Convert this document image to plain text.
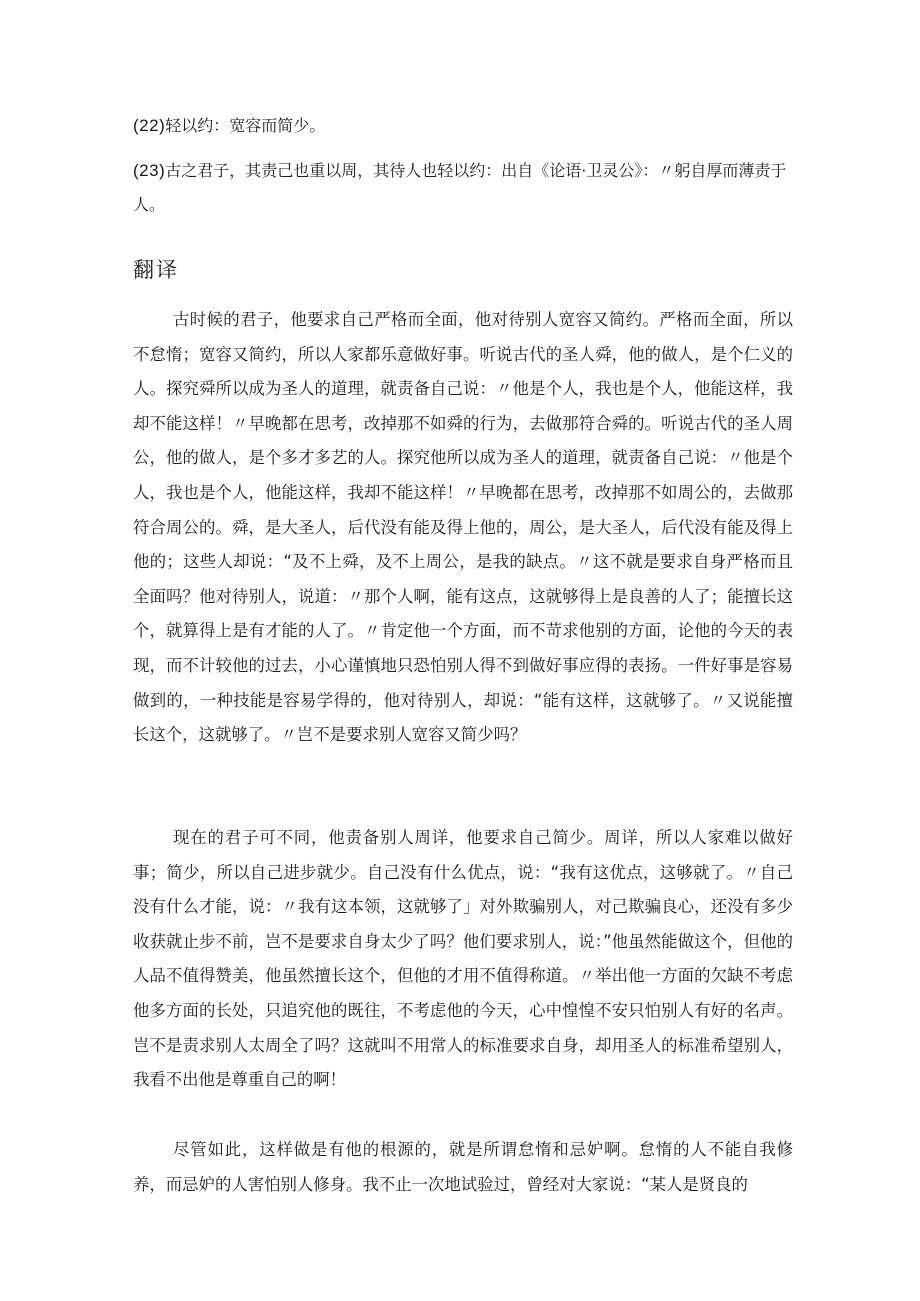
(22)轻以约：宽容而简少。

(23)古之君子，其责己也重以周，其待人也轻以约：出自《论语·卫灵公》：〃躬自厚而薄责于人。

翻译

古时候的君子，他要求自己严格而全面，他对待别人宽容又简约。严格而全面，所以不怠惰；宽容又简约，所以人家都乐意做好事。听说古代的圣人舜，他的做人，是个仁义的人。探究舜所以成为圣人的道理，就责备自己说：〃他是个人，我也是个人，他能这样，我却不能这样！〃早晚都在思考，改掉那不如舜的行为，去做那符合舜的。听说古代的圣人周公，他的做人，是个多才多艺的人。探究他所以成为圣人的道理，就责备自己说：〃他是个人，我也是个人，他能这样，我却不能这样！〃早晚都在思考，改掉那不如周公的，去做那符合周公的。舜，是大圣人，后代没有能及得上他的，周公，是大圣人，后代没有能及得上他的；这些人却说：“及不上舜，及不上周公，是我的缺点。〃这不就是要求自身严格而且全面吗？他对待别人，说道：〃那个人啊，能有这点，这就够得上是良善的人了；能擅长这个，就算得上是有才能的人了。〃肯定他一个方面，而不苛求他别的方面，论他的今天的表现，而不计较他的过去，小心谨慎地只恐怕别人得不到做好事应得的表扬。一件好事是容易做到的，一种技能是容易学得的，他对待别人，却说：“能有这样，这就够了。〃又说能擅长这个，这就够了。〃岂不是要求别人宽容又简少吗？

现在的君子可不同，他责备别人周详，他要求自己简少。周详，所以人家难以做好事；简少，所以自己进步就少。自己没有什么优点，说：“我有这优点，这够就了。〃自己没有什么才能，说：〃我有这本领，这就够了」对外欺骗别人，对己欺骗良心，还没有多少收获就止步不前，岂不是要求自身太少了吗？他们要求别人，说：”他虽然能做这个，但他的人品不值得赞美，他虽然擅长这个，但他的才用不值得称道。〃举出他一方面的欠缺不考虑他多方面的长处，只追究他的既往，不考虑他的今天，心中惶惶不安只怕别人有好的名声。岂不是责求别人太周全了吗？这就叫不用常人的标准要求自身，却用圣人的标准希望别人，我看不出他是尊重自己的啊！

尽管如此，这样做是有他的根源的，就是所谓怠惰和忌妒啊。怠惰的人不能自我修养，而忌妒的人害怕别人修身。我不止一次地试验过，曾经对大家说：“某人是贤良的
